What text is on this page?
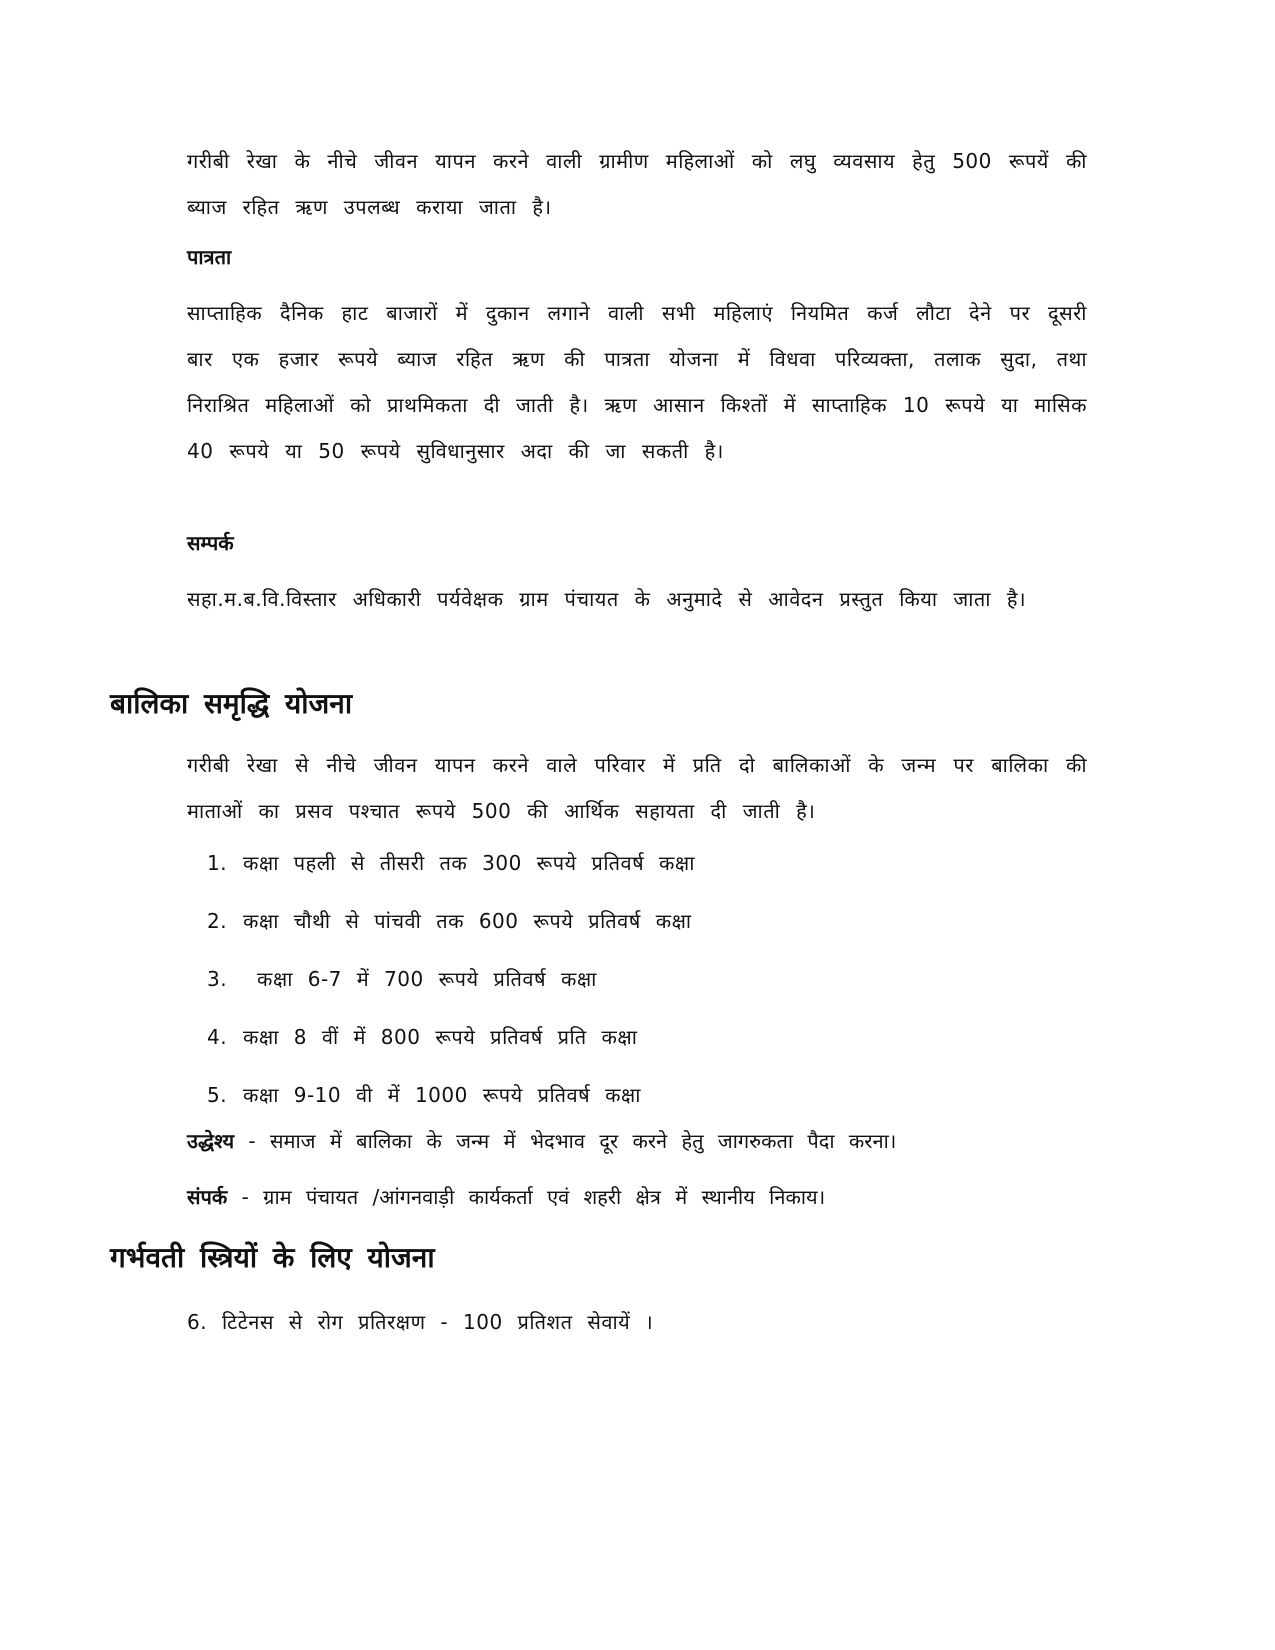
गरीबी रेखा के नीचे जीवन यापन करने वाली ग्रामीण महिलाओं को लघु व्यवसाय हेतु 500 रूपयें की ब्याज रहित ऋण उपलब्ध कराया जाता है।

पात्रता

साप्ताहिक दैनिक हाट बाजारों में दुकान लगाने वाली सभी महिलाएं नियमित कर्ज लौटा देने पर दूसरी बार एक हजार रूपये ब्याज रहित ऋण की पात्रता योजना में विधवा परिव्यक्ता, तलाक सुदा, तथा निराश्रित महिलाओं को प्राथमिकता दी जाती है। ऋण आसान किश्तों में साप्ताहिक 10 रूपये या मासिक 40 रूपये या 50 रूपये सुविधानुसार अदा की जा सकती है।

सम्पर्क

सहा.म.ब.वि.विस्तार अधिकारी पर्यवेक्षक ग्राम पंचायत के अनुमादे से आवेदन प्रस्तुत किया जाता है।

बालिका समृद्धि योजना

गरीबी रेखा से नीचे जीवन यापन करने वाले परिवार में प्रति दो बालिकाओं के जन्म पर बालिका की माताओं का प्रसव पश्चात रूपये 500 की आर्थिक सहायता दी जाती है।

1. कक्षा पहली से तीसरी तक 300 रूपये प्रतिवर्ष कक्षा
2. कक्षा चौथी से पांचवी तक 600 रूपये प्रतिवर्ष कक्षा
3.	कक्षा 6-7 में 700 रूपये प्रतिवर्ष कक्षा
4. कक्षा 8 वीं में 800 रूपये प्रतिवर्ष प्रति कक्षा
5. कक्षा 9-10 वी में 1000 रूपये प्रतिवर्ष कक्षा

उद्धेश्य - समाज में बालिका के जन्म में भेदभाव दूर करने हेतु जागरुकता पैदा करना।

संपर्क - ग्राम पंचायत /आंगनवाड़ी कार्यकर्ता एवं शहरी क्षेत्र में स्थानीय निकाय।

गर्भवती स्त्रियों के लिए योजना

6. टिटेनस से रोग प्रतिरक्षण - 100 प्रतिशत सेवायें ।
